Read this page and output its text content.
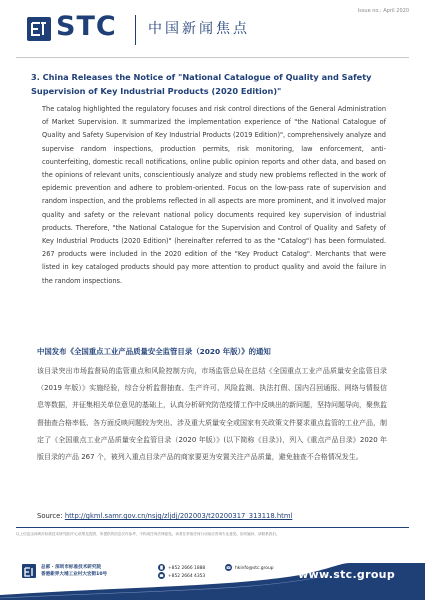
STC 中国新闻焦点
Issue no.: April 2020
3. China Releases the Notice of "National Catalogue of Quality and Safety Supervision of Key Industrial Products (2020 Edition)"
The catalog highlighted the regulatory focuses and risk control directions of the General Administration of Market Supervision. It summarized the implementation experience of "the National Catalogue of Quality and Safety Supervision of Key Industrial Products (2019 Edition)", comprehensively analyze and supervise random inspections, production permits, risk monitoring, law enforcement, anti-counterfeiting, domestic recall notifications, online public opinion reports and other data, and based on the opinions of relevant units, conscientiously analyze and study new problems reflected in the work of epidemic prevention and adhere to problem-oriented. Focus on the low-pass rate of supervision and random inspection, and the problems reflected in all aspects are more prominent, and it involved major quality and safety or the relevant national policy documents required key supervision of industrial products. Therefore, "the National Catalogue for the Supervision and Control of Quality and Safety of Key Industrial Products (2020 Edition)" (hereinafter referred to as the "Catalog") has been formulated. 267 products were included in the 2020 edition of the "Key Product Catalog". Merchants that were listed in key cataloged products should pay more attention to product quality and avoid the failure in the random inspections.
中国发布《全国重点工业产品质量安全监管目录（2020 年版）》的通知
该目录突出市场监督局的监管重点和风险控制方向，市场监管总局在总结《全国重点工业产品质量安全监管目录（2019 年版）》实施经验，综合分析监督抽查、生产许可、风险监测、执法打假、国内召回通报、网络与情报信息等数据，并征集相关单位意见的基础上，认真分析研究防范疫情工作中反映出的新问题，坚持问题导向，聚焦监督抽查合格率低、各方面反映问题较为突出、涉及重大质量安全或国家有关政策文件要求重点监管的工业产品，制定了《全国重点工业产品质量安全监管目录（2020 年版）》(以下简称《目录》)，列入《重点产品目录》2020 年版目录的产品 267 个，被列入重点目录产品的商家要更为安置关注产品质量，避免抽查不合格情况发生。
Source: http://gkml.samr.gov.cn/nsjg/zljdj/202003/t20200317_313118.html
以上信息由深圳市标准技术研究院/中心收集及提供，所提供的信息仅作参考，不构成任何法律意见。读者在采取任何行动前应咨询专业意见。如有疑问，请联系我们。
总部 · 深圳市标准技术研究院
香港新界大埔工业村大宏街10号
+852 2666 1888
+852 2664 4353
hkinfo@stc.group www.stc.group
